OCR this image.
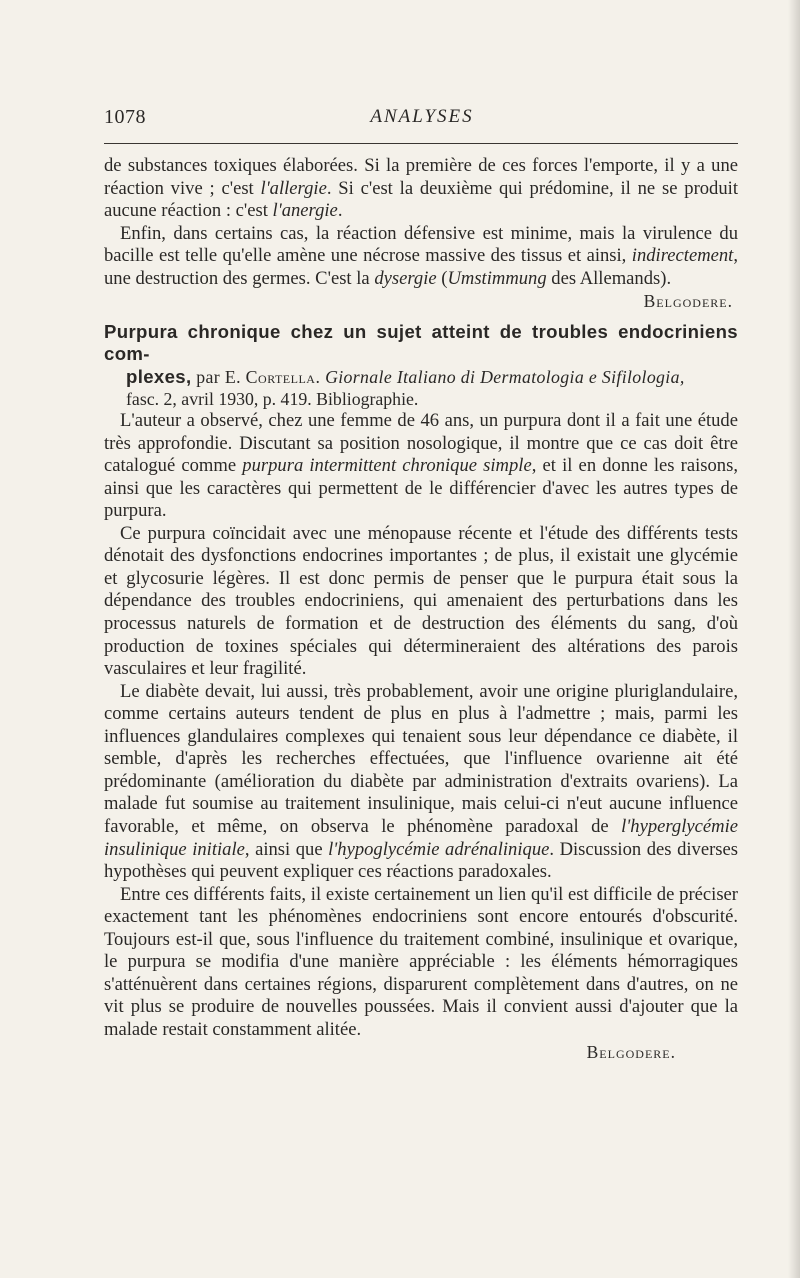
1078	ANALYSES

de substances toxiques élaborées. Si la première de ces forces l'emporte, il y a une réaction vive ; c'est l'allergie. Si c'est la deuxième qui prédomine, il ne se produit aucune réaction : c'est l'anergie.

Enfin, dans certains cas, la réaction défensive est minime, mais la virulence du bacille est telle qu'elle amène une nécrose massive des tissus et ainsi, indirectement, une destruction des germes. C'est la dysergie (Umstimmung des Allemands).

Belgodere.

Purpura chronique chez un sujet atteint de troubles endocriniens com-
plexes, par E. Cortella. Giornale Italiano di Dermatologia e Sifilologia,

fasc. 2, avril 1930, p. 419. Bibliographie.

L'auteur a observé, chez une femme de 46 ans, un purpura dont il a fait une étude très approfondie. Discutant sa position nosologique, il montre que ce cas doit être catalogué comme purpura intermittent chronique simple, et il en donne les raisons, ainsi que les caractères qui permettent de le différencier d'avec les autres types de purpura.

Ce purpura coïncidait avec une ménopause récente et l'étude des différents tests dénotait des dysfonctions endocrines importantes ; de plus, il existait une glycémie et glycosurie légères. Il est donc permis de penser que le purpura était sous la dépendance des troubles endocriniens, qui amenaient des perturbations dans les processus naturels de formation et de destruction des éléments du sang, d'où production de toxines spéciales qui détermineraient des altérations des parois vasculaires et leur fragilité.

Le diabète devait, lui aussi, très probablement, avoir une origine pluriglandulaire, comme certains auteurs tendent de plus en plus à l'admettre ; mais, parmi les influences glandulaires complexes qui tenaient sous leur dépendance ce diabète, il semble, d'après les recherches effectuées, que l'influence ovarienne ait été prédominante (amélioration du diabète par administration d'extraits ovariens). La malade fut soumise au traitement insulinique, mais celui-ci n'eut aucune influence favorable, et même, on observa le phénomène paradoxal de l'hyperglycémie insulinique initiale, ainsi que l'hypoglycémie adrénalinique. Discussion des diverses hypothèses qui peuvent expliquer ces réactions paradoxales.

Entre ces différents faits, il existe certainement un lien qu'il est difficile de préciser exactement tant les phénomènes endocriniens sont encore entourés d'obscurité. Toujours est-il que, sous l'influence du traitement combiné, insulinique et ovarique, le purpura se modifia d'une manière appréciable : les éléments hémorragiques s'atténuèrent dans certaines régions, disparurent complètement dans d'autres, on ne vit plus se produire de nouvelles poussées. Mais il convient aussi d'ajouter que la malade restait constamment alitée.

Belgodere.
